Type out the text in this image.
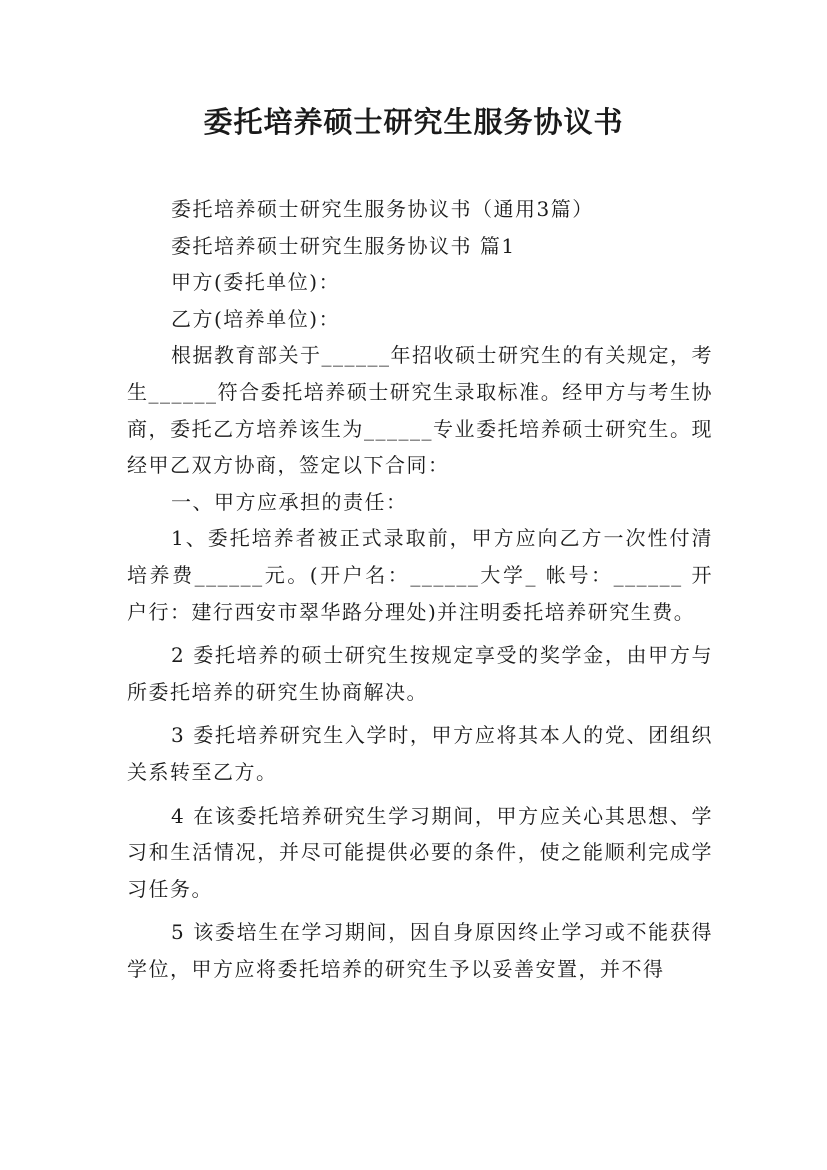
委托培养硕士研究生服务协议书

委托培养硕士研究生服务协议书（通用3篇）

委托培养硕士研究生服务协议书 篇1

甲方(委托单位)：

乙方(培养单位)：

根据教育部关于______年招收硕士研究生的有关规定，考生______符合委托培养硕士研究生录取标准。经甲方与考生协商，委托乙方培养该生为______专业委托培养硕士研究生。现经甲乙双方协商，签定以下合同：

一、甲方应承担的责任：

1、委托培养者被正式录取前，甲方应向乙方一次性付清培养费______元。(开户名：______大学_ 帐号：______ 开户行：建行西安市翠华路分理处)并注明委托培养研究生费。

2 委托培养的硕士研究生按规定享受的奖学金，由甲方与所委托培养的研究生协商解决。

3 委托培养研究生入学时，甲方应将其本人的党、团组织关系转至乙方。

4 在该委托培养研究生学习期间，甲方应关心其思想、学习和生活情况，并尽可能提供必要的条件，使之能顺利完成学习任务。

5 该委培生在学习期间，因自身原因终止学习或不能获得学位，甲方应将委托培养的研究生予以妥善安置，并不得
